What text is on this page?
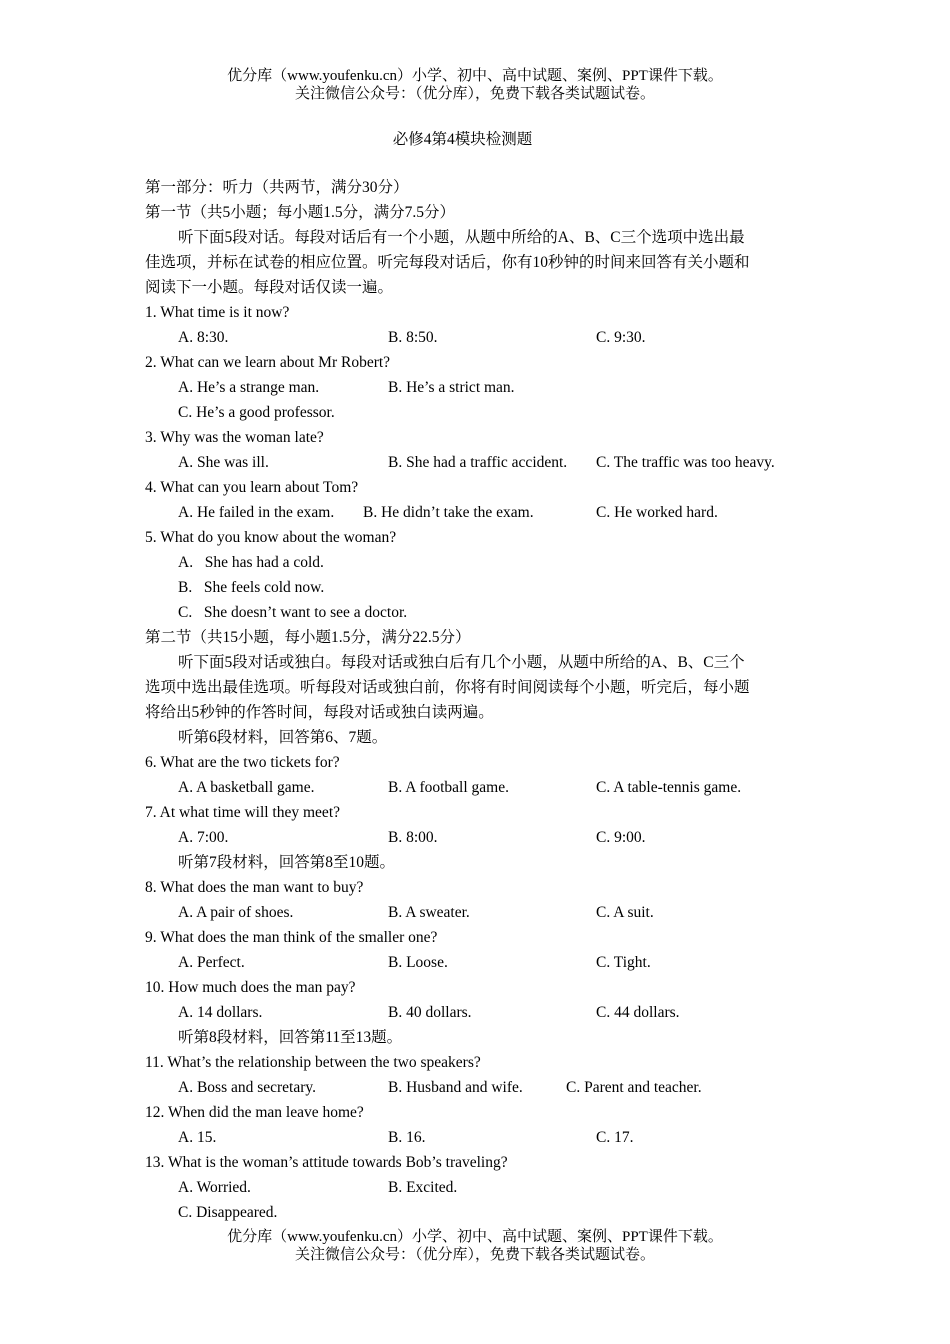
优分库（www.youfenku.cn）小学、初中、高中试题、案例、PPT课件下载。
关注微信公众号：（优分库），免费下载各类试题试卷。
必修4第4模块检测题
第一部分：听力（共两节，满分30分）
第一节（共5小题；每小题1.5分，满分7.5分）
听下面5段对话。每段对话后有一个小题，从题中所给的A、B、C三个选项中选出最
佳选项，并标在试卷的相应位置。听完每段对话后，你有10秒钟的时间来回答有关小题和
阅读下一小题。每段对话仅读一遍。
1. What time is it now?
A. 8:30.	B. 8:50.	C. 9:30.
2. What can we learn about Mr Robert?
A. He’s a strange man.	B. He’s a strict man.
C. He’s a good professor.
3. Why was the woman late?
A. She was ill.	B. She had a traffic accident. C. The traffic was too heavy.
4. What can you learn about Tom?
A. He failed in the exam. B. He didn’t take the exam.	C. He worked hard.
5. What do you know about the woman?
A.   She has had a cold.
B.   She feels cold now.
C.   She doesn’t want to see a doctor.
第二节（共15小题，每小题1.5分，满分22.5分）
听下面5段对话或独白。每段对话或独白后有几个小题，从题中所给的A、B、C三个
选项中选出最佳选项。听每段对话或独白前，你将有时间阅读每个小题，听完后，每小题
将给出5秒钟的作答时间，每段对话或独白读两遍。
听第6段材料，回答第6、7题。
6. What are the two tickets for?
A. A basketball game.	B. A football game.	C. A table-tennis game.
7. At what time will they meet?
A. 7:00.	B. 8:00.	C. 9:00.
听第7段材料，回答第8至10题。
8. What does the man want to buy?
A. A pair of shoes.	B. A sweater.	C. A suit.
9. What does the man think of the smaller one?
A. Perfect.	B. Loose.	C. Tight.
10. How much does the man pay?
A. 14 dollars.	B. 40 dollars.	C. 44 dollars.
听第8段材料，回答第11至13题。
11. What’s the relationship between the two speakers?
A. Boss and secretary.	B. Husband and wife.	C. Parent and teacher.
12. When did the man leave home?
A. 15.	B. 16.	C. 17.
13. What is the woman’s attitude towards Bob’s traveling?
A. Worried.	B. Excited.
C. Disappeared.
优分库（www.youfenku.cn）小学、初中、高中试题、案例、PPT课件下载。
关注微信公众号：（优分库），免费下载各类试题试卷。
